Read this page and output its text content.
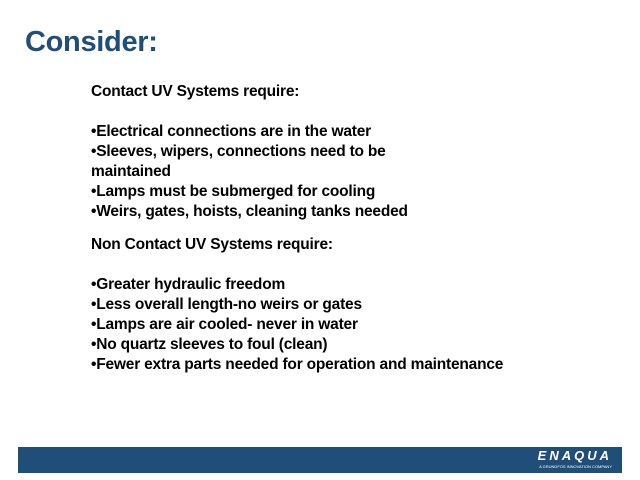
Consider:
Contact UV Systems require:
•Electrical connections are in the water
•Sleeves, wipers, connections need to be
maintained
•Lamps must be submerged for cooling
•Weirs, gates, hoists, cleaning tanks needed
Non Contact UV Systems require:
•Greater hydraulic freedom
•Less overall length-no weirs or gates
•Lamps are air cooled- never in water
•No quartz sleeves to foul (clean)
•Fewer extra parts needed for operation and maintenance
ENAQUA
A GRUNDFOS INNOVATION COMPANY
